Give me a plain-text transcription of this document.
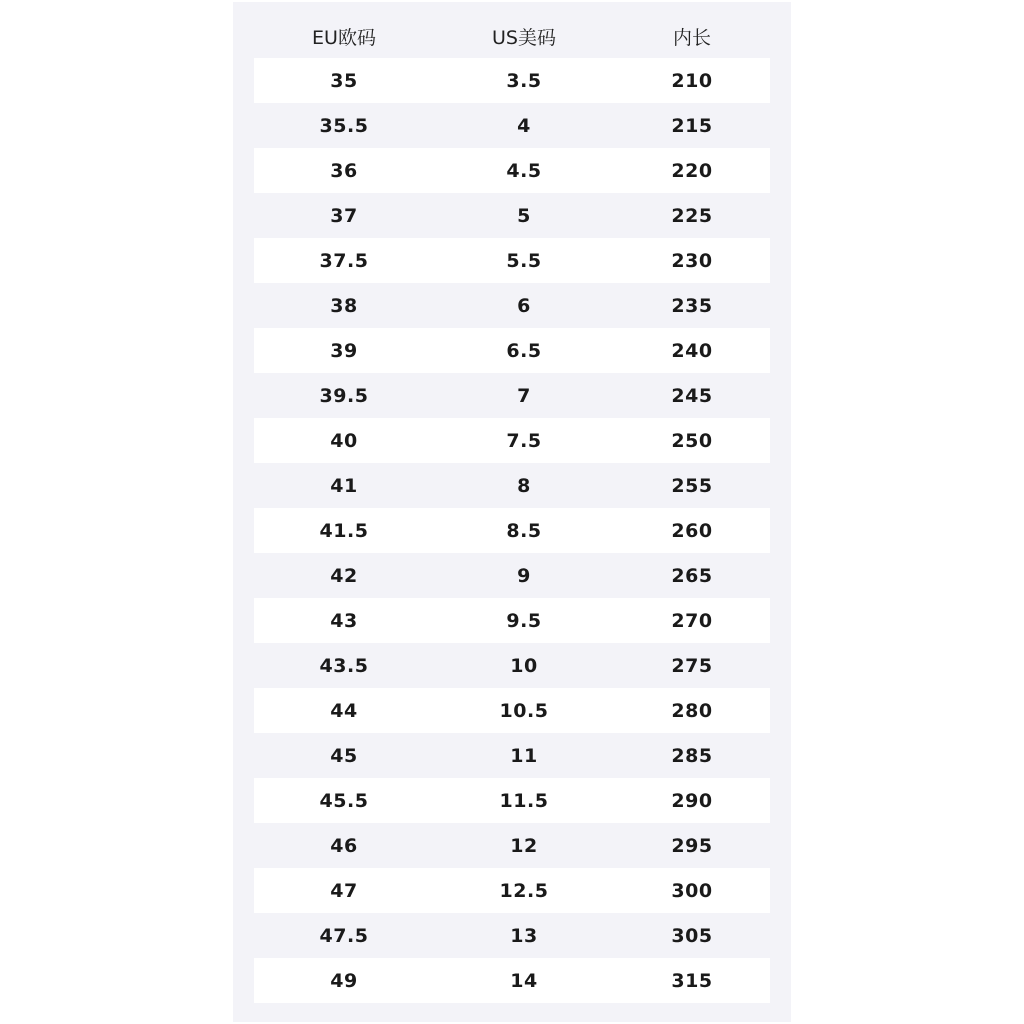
EU欧码	US美码	内长
35	3.5	210
35.5	4	215
36	4.5	220
37	5	225
37.5	5.5	230
38	6	235
39	6.5	240
39.5	7	245
40	7.5	250
41	8	255
41.5	8.5	260
42	9	265
43	9.5	270
43.5	10	275
44	10.5	280
45	11	285
45.5	11.5	290
46	12	295
47	12.5	300
47.5	13	305
49	14	315
